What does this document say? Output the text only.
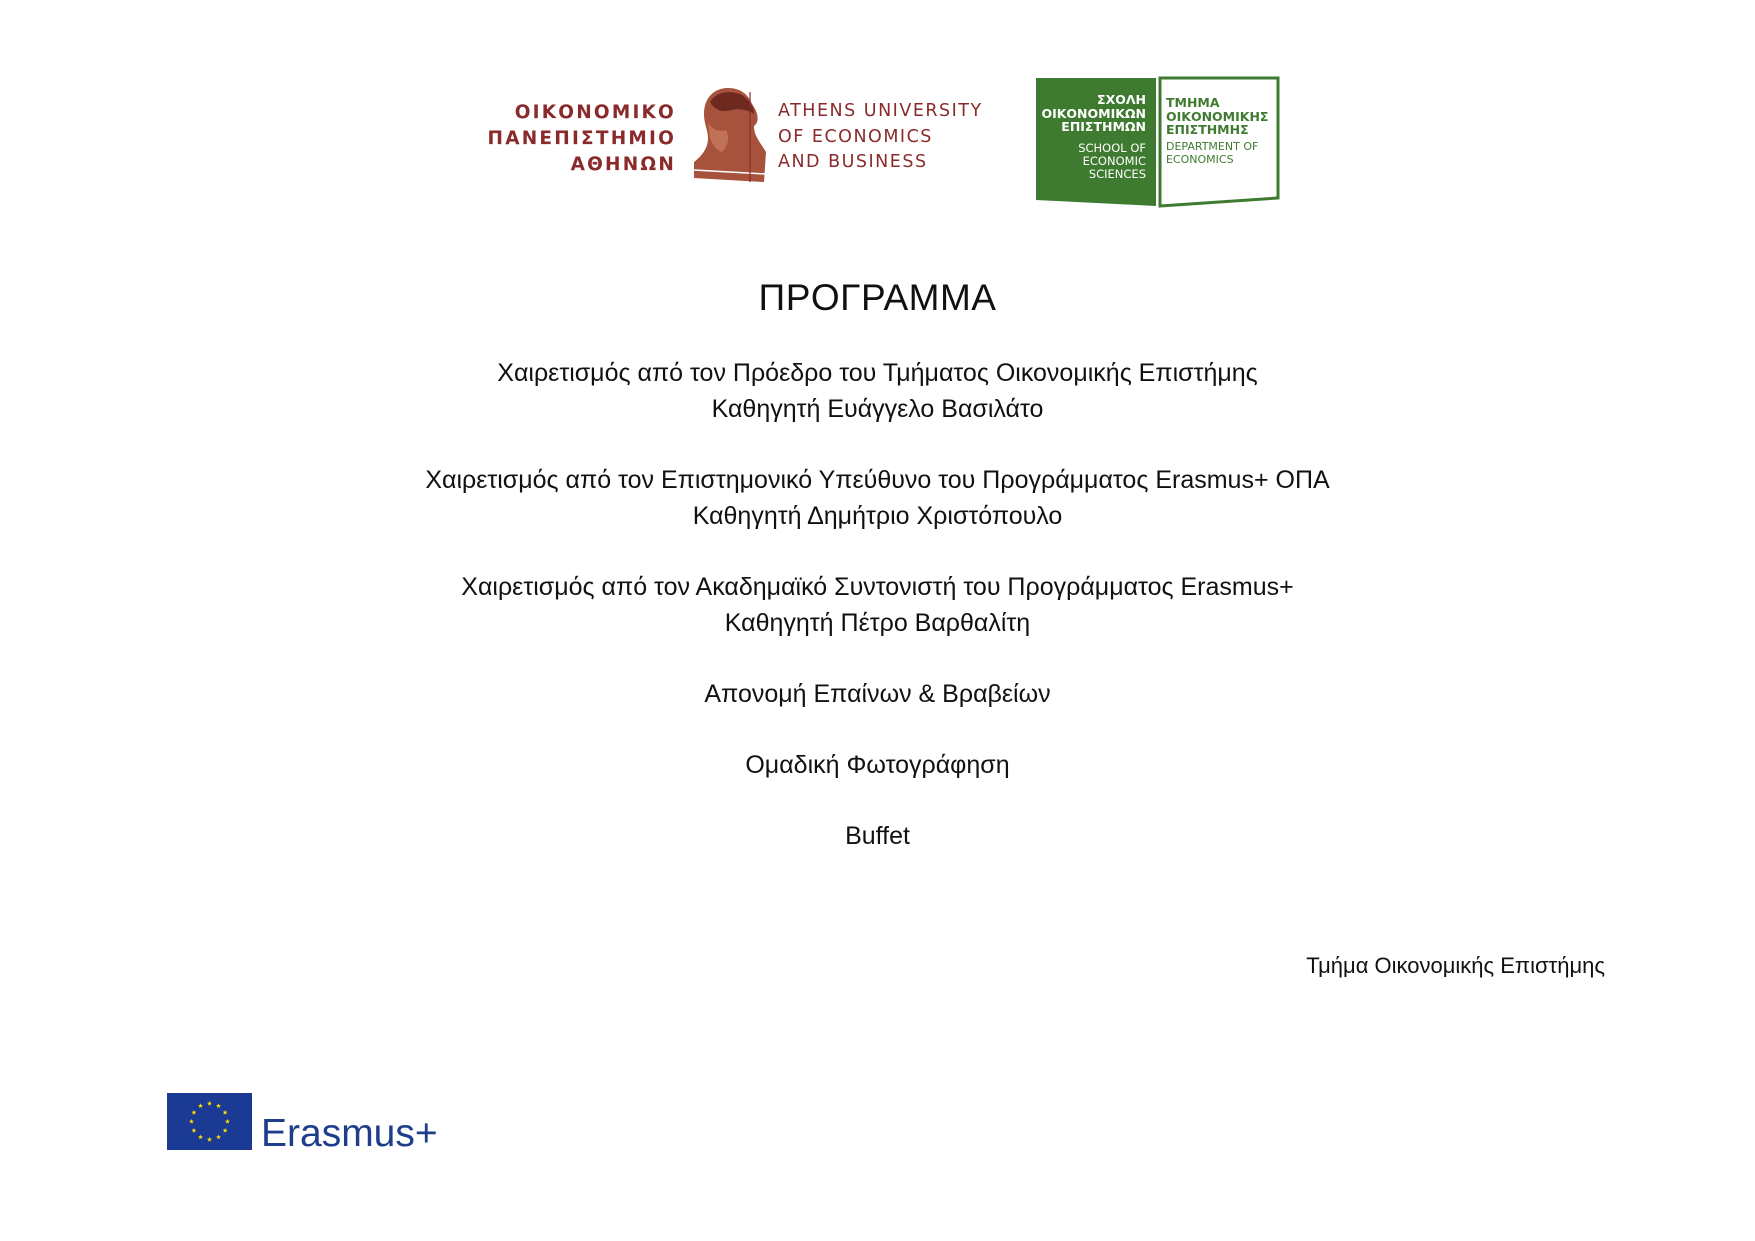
ΟΙΚΟΝΟΜΙΚΟ
ΠΑΝΕΠΙΣΤΗΜΙΟ
ΑΘΗΝΩΝ
ATHENS UNIVERSITY
OF ECONOMICS
AND BUSINESS
ΣΧΟΛΗ
ΟΙΚΟΝΟΜΙΚΩΝ
ΕΠΙΣΤΗΜΩΝ
SCHOOL OF
ECONOMIC
SCIENCES
ΤΜΗΜΑ
ΟΙΚΟΝΟΜΙΚΗΣ
ΕΠΙΣΤΗΜΗΣ
DEPARTMENT OF
ECONOMICS
ΠΡΟΓΡΑΜΜΑ
Χαιρετισμός από τον Πρόεδρο του Τμήματος Οικονομικής Επιστήμης
Καθηγητή Ευάγγελο Βασιλάτο
Χαιρετισμός από τον Επιστημονικό Υπεύθυνο του Προγράμματος Erasmus+ ΟΠΑ
Καθηγητή Δημήτριο Χριστόπουλο
Χαιρετισμός από τον Ακαδημαϊκό Συντονιστή του Προγράμματος Erasmus+
Καθηγητή Πέτρο Βαρθαλίτη
Απονομή Επαίνων & Βραβείων
Ομαδική Φωτογράφηση
Buffet
Τμήμα Οικονομικής Επιστήμης
Erasmus+
